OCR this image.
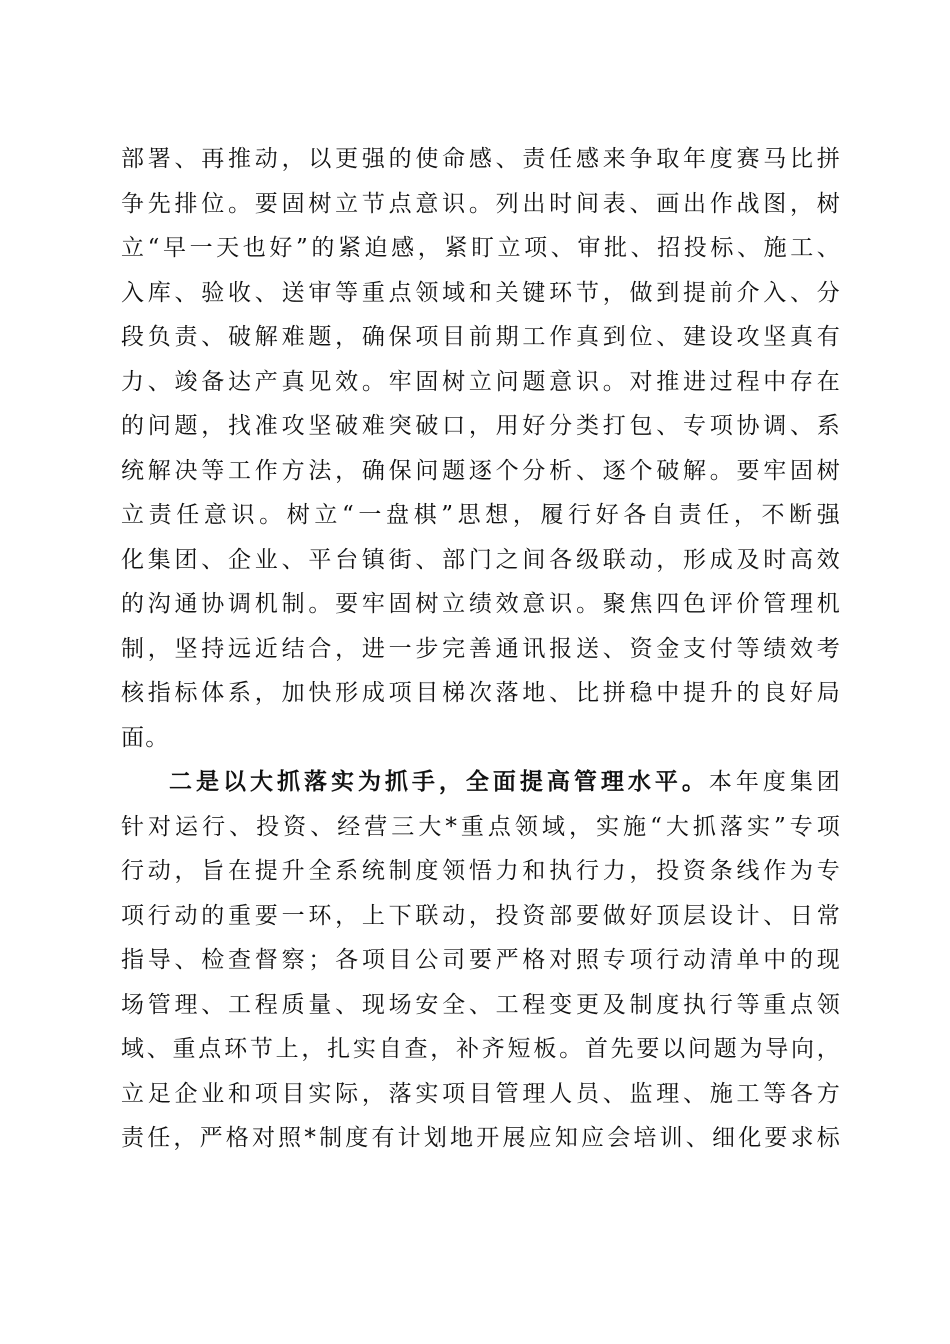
部署、再推动，以更强的使命感、责任感来争取年度赛马比拼
争先排位。要固树立节点意识。列出时间表、画出作战图，树
立“早一天也好”的紧迫感，紧盯立项、审批、招投标、施工、
入库、验收、送审等重点领域和关键环节，做到提前介入、分
段负责、破解难题，确保项目前期工作真到位、建设攻坚真有
力、竣备达产真见效。牢固树立问题意识。对推进过程中存在
的问题，找准攻坚破难突破口，用好分类打包、专项协调、系
统解决等工作方法，确保问题逐个分析、逐个破解。要牢固树
立责任意识。树立“一盘棋”思想，履行好各自责任，不断强
化集团、企业、平台镇街、部门之间各级联动，形成及时高效
的沟通协调机制。要牢固树立绩效意识。聚焦四色评价管理机
制，坚持远近结合，进一步完善通讯报送、资金支付等绩效考
核指标体系，加快形成项目梯次落地、比拼稳中提升的良好局
面。
二是以大抓落实为抓手，全面提高管理水平。本年度集团
针对运行、投资、经营三大*重点领域，实施“大抓落实”专项
行动，旨在提升全系统制度领悟力和执行力，投资条线作为专
项行动的重要一环，上下联动，投资部要做好顶层设计、日常
指导、检查督察；各项目公司要严格对照专项行动清单中的现
场管理、工程质量、现场安全、工程变更及制度执行等重点领
域、重点环节上，扎实自查，补齐短板。首先要以问题为导向，
立足企业和项目实际，落实项目管理人员、监理、施工等各方
责任，严格对照*制度有计划地开展应知应会培训、细化要求标
